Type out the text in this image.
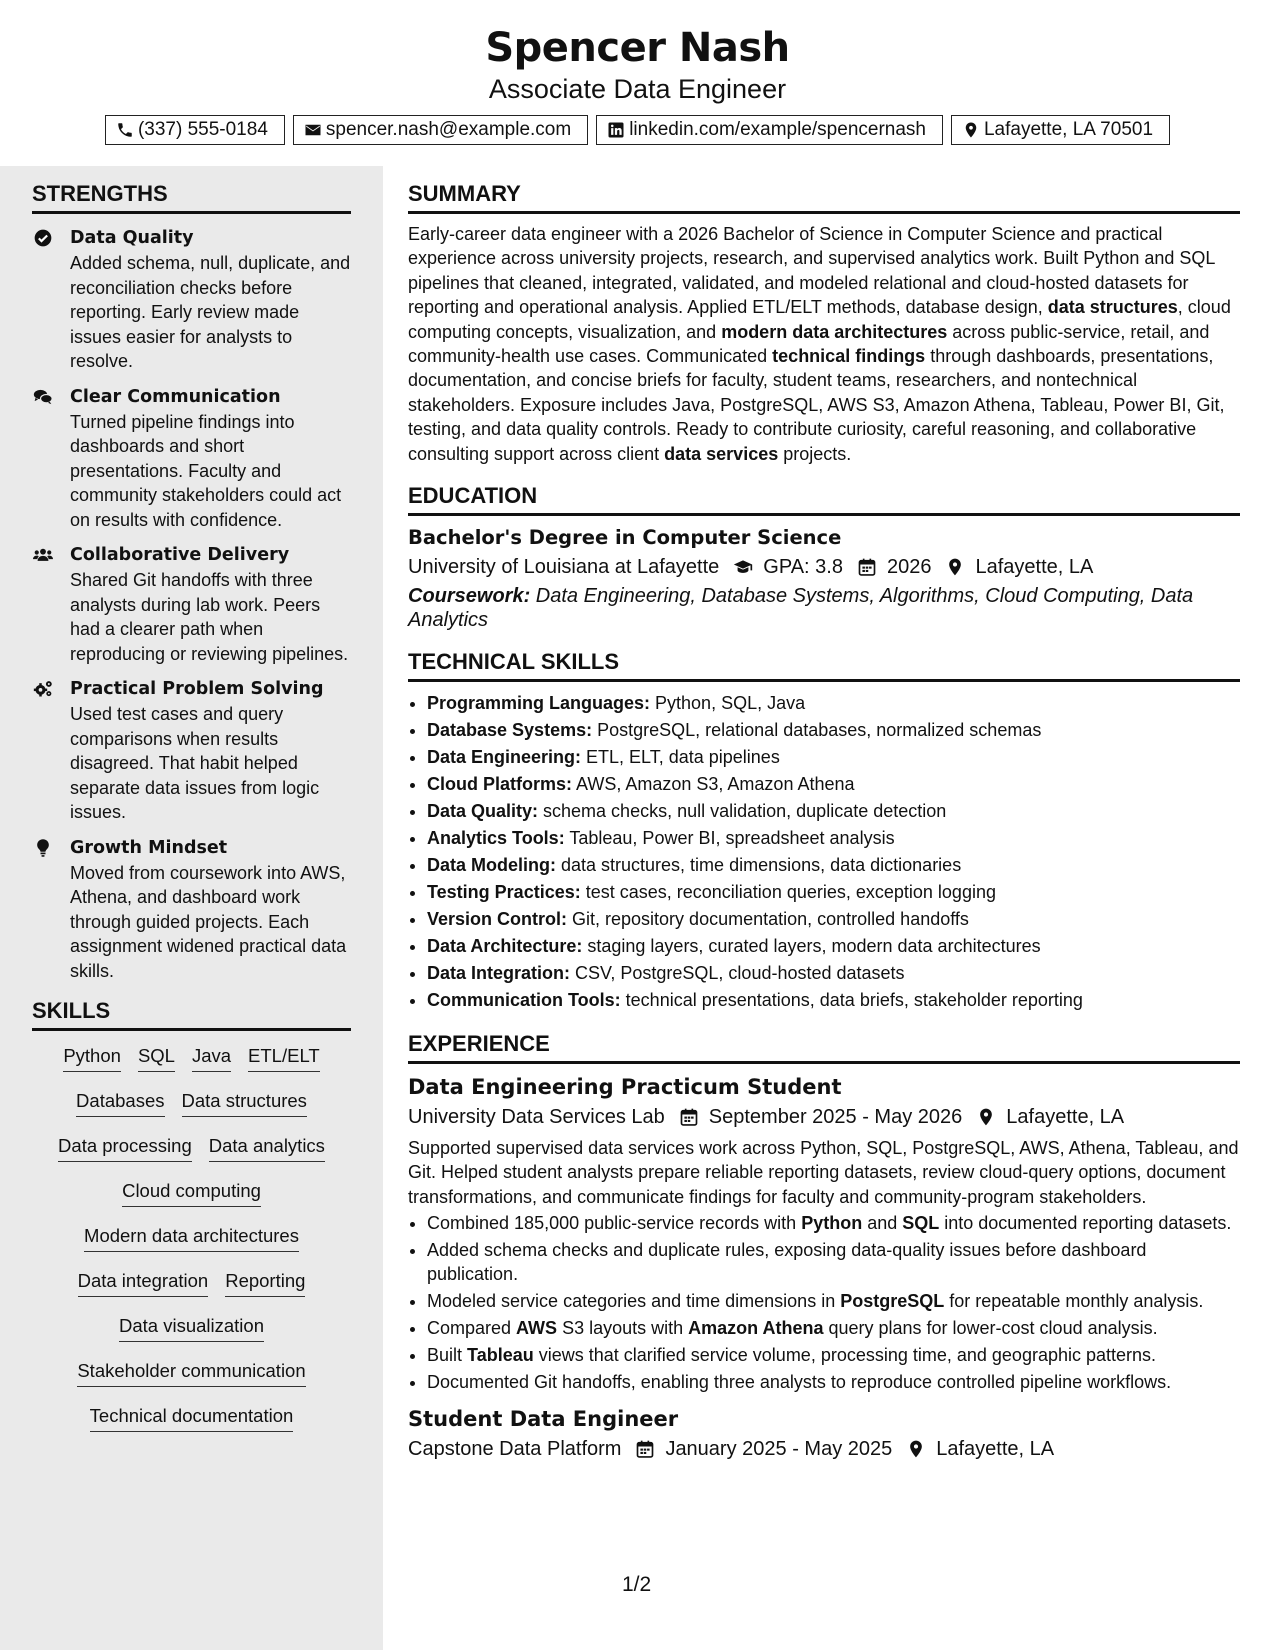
Spencer Nash
Associate Data Engineer
(337) 555-0184	spencer.nash@example.com	linkedin.com/example/spencernash	Lafayette, LA 70501
STRENGTHS
Data Quality
Added schema, null, duplicate, and reconciliation checks before reporting. Early review made issues easier for analysts to resolve.
Clear Communication
Turned pipeline findings into dashboards and short presentations. Faculty and community stakeholders could act on results with confidence.
Collaborative Delivery
Shared Git handoffs with three analysts during lab work. Peers had a clearer path when reproducing or reviewing pipelines.
Practical Problem Solving
Used test cases and query comparisons when results disagreed. That habit helped separate data issues from logic issues.
Growth Mindset
Moved from coursework into AWS, Athena, and dashboard work through guided projects. Each assignment widened practical data skills.
SKILLS
Python SQL Java ETL/ELT
Databases Data structures
Data processing Data analytics
Cloud computing
Modern data architectures
Data integration Reporting
Data visualization
Stakeholder communication
Technical documentation
SUMMARY
Early-career data engineer with a 2026 Bachelor of Science in Computer Science and practical experience across university projects, research, and supervised analytics work. Built Python and SQL pipelines that cleaned, integrated, validated, and modeled relational and cloud-hosted datasets for reporting and operational analysis. Applied ETL/ELT methods, database design, data structures, cloud computing concepts, visualization, and modern data architectures across public-service, retail, and community-health use cases. Communicated technical findings through dashboards, presentations, documentation, and concise briefs for faculty, student teams, researchers, and nontechnical stakeholders. Exposure includes Java, PostgreSQL, AWS S3, Amazon Athena, Tableau, Power BI, Git, testing, and data quality controls. Ready to contribute curiosity, careful reasoning, and collaborative consulting support across client data services projects.
EDUCATION
Bachelor's Degree in Computer Science
University of Louisiana at Lafayette GPA: 3.8 2026 Lafayette, LA
Coursework: Data Engineering, Database Systems, Algorithms, Cloud Computing, Data Analytics
TECHNICAL SKILLS
• Programming Languages: Python, SQL, Java
• Database Systems: PostgreSQL, relational databases, normalized schemas
• Data Engineering: ETL, ELT, data pipelines
• Cloud Platforms: AWS, Amazon S3, Amazon Athena
• Data Quality: schema checks, null validation, duplicate detection
• Analytics Tools: Tableau, Power BI, spreadsheet analysis
• Data Modeling: data structures, time dimensions, data dictionaries
• Testing Practices: test cases, reconciliation queries, exception logging
• Version Control: Git, repository documentation, controlled handoffs
• Data Architecture: staging layers, curated layers, modern data architectures
• Data Integration: CSV, PostgreSQL, cloud-hosted datasets
• Communication Tools: technical presentations, data briefs, stakeholder reporting
EXPERIENCE
Data Engineering Practicum Student
University Data Services Lab September 2025 - May 2026 Lafayette, LA
Supported supervised data services work across Python, SQL, PostgreSQL, AWS, Athena, Tableau, and Git. Helped student analysts prepare reliable reporting datasets, review cloud-query options, document transformations, and communicate findings for faculty and community-program stakeholders.
• Combined 185,000 public-service records with Python and SQL into documented reporting datasets.
• Added schema checks and duplicate rules, exposing data-quality issues before dashboard publication.
• Modeled service categories and time dimensions in PostgreSQL for repeatable monthly analysis.
• Compared AWS S3 layouts with Amazon Athena query plans for lower-cost cloud analysis.
• Built Tableau views that clarified service volume, processing time, and geographic patterns.
• Documented Git handoffs, enabling three analysts to reproduce controlled pipeline workflows.
Student Data Engineer
Capstone Data Platform January 2025 - May 2025 Lafayette, LA
1/2
